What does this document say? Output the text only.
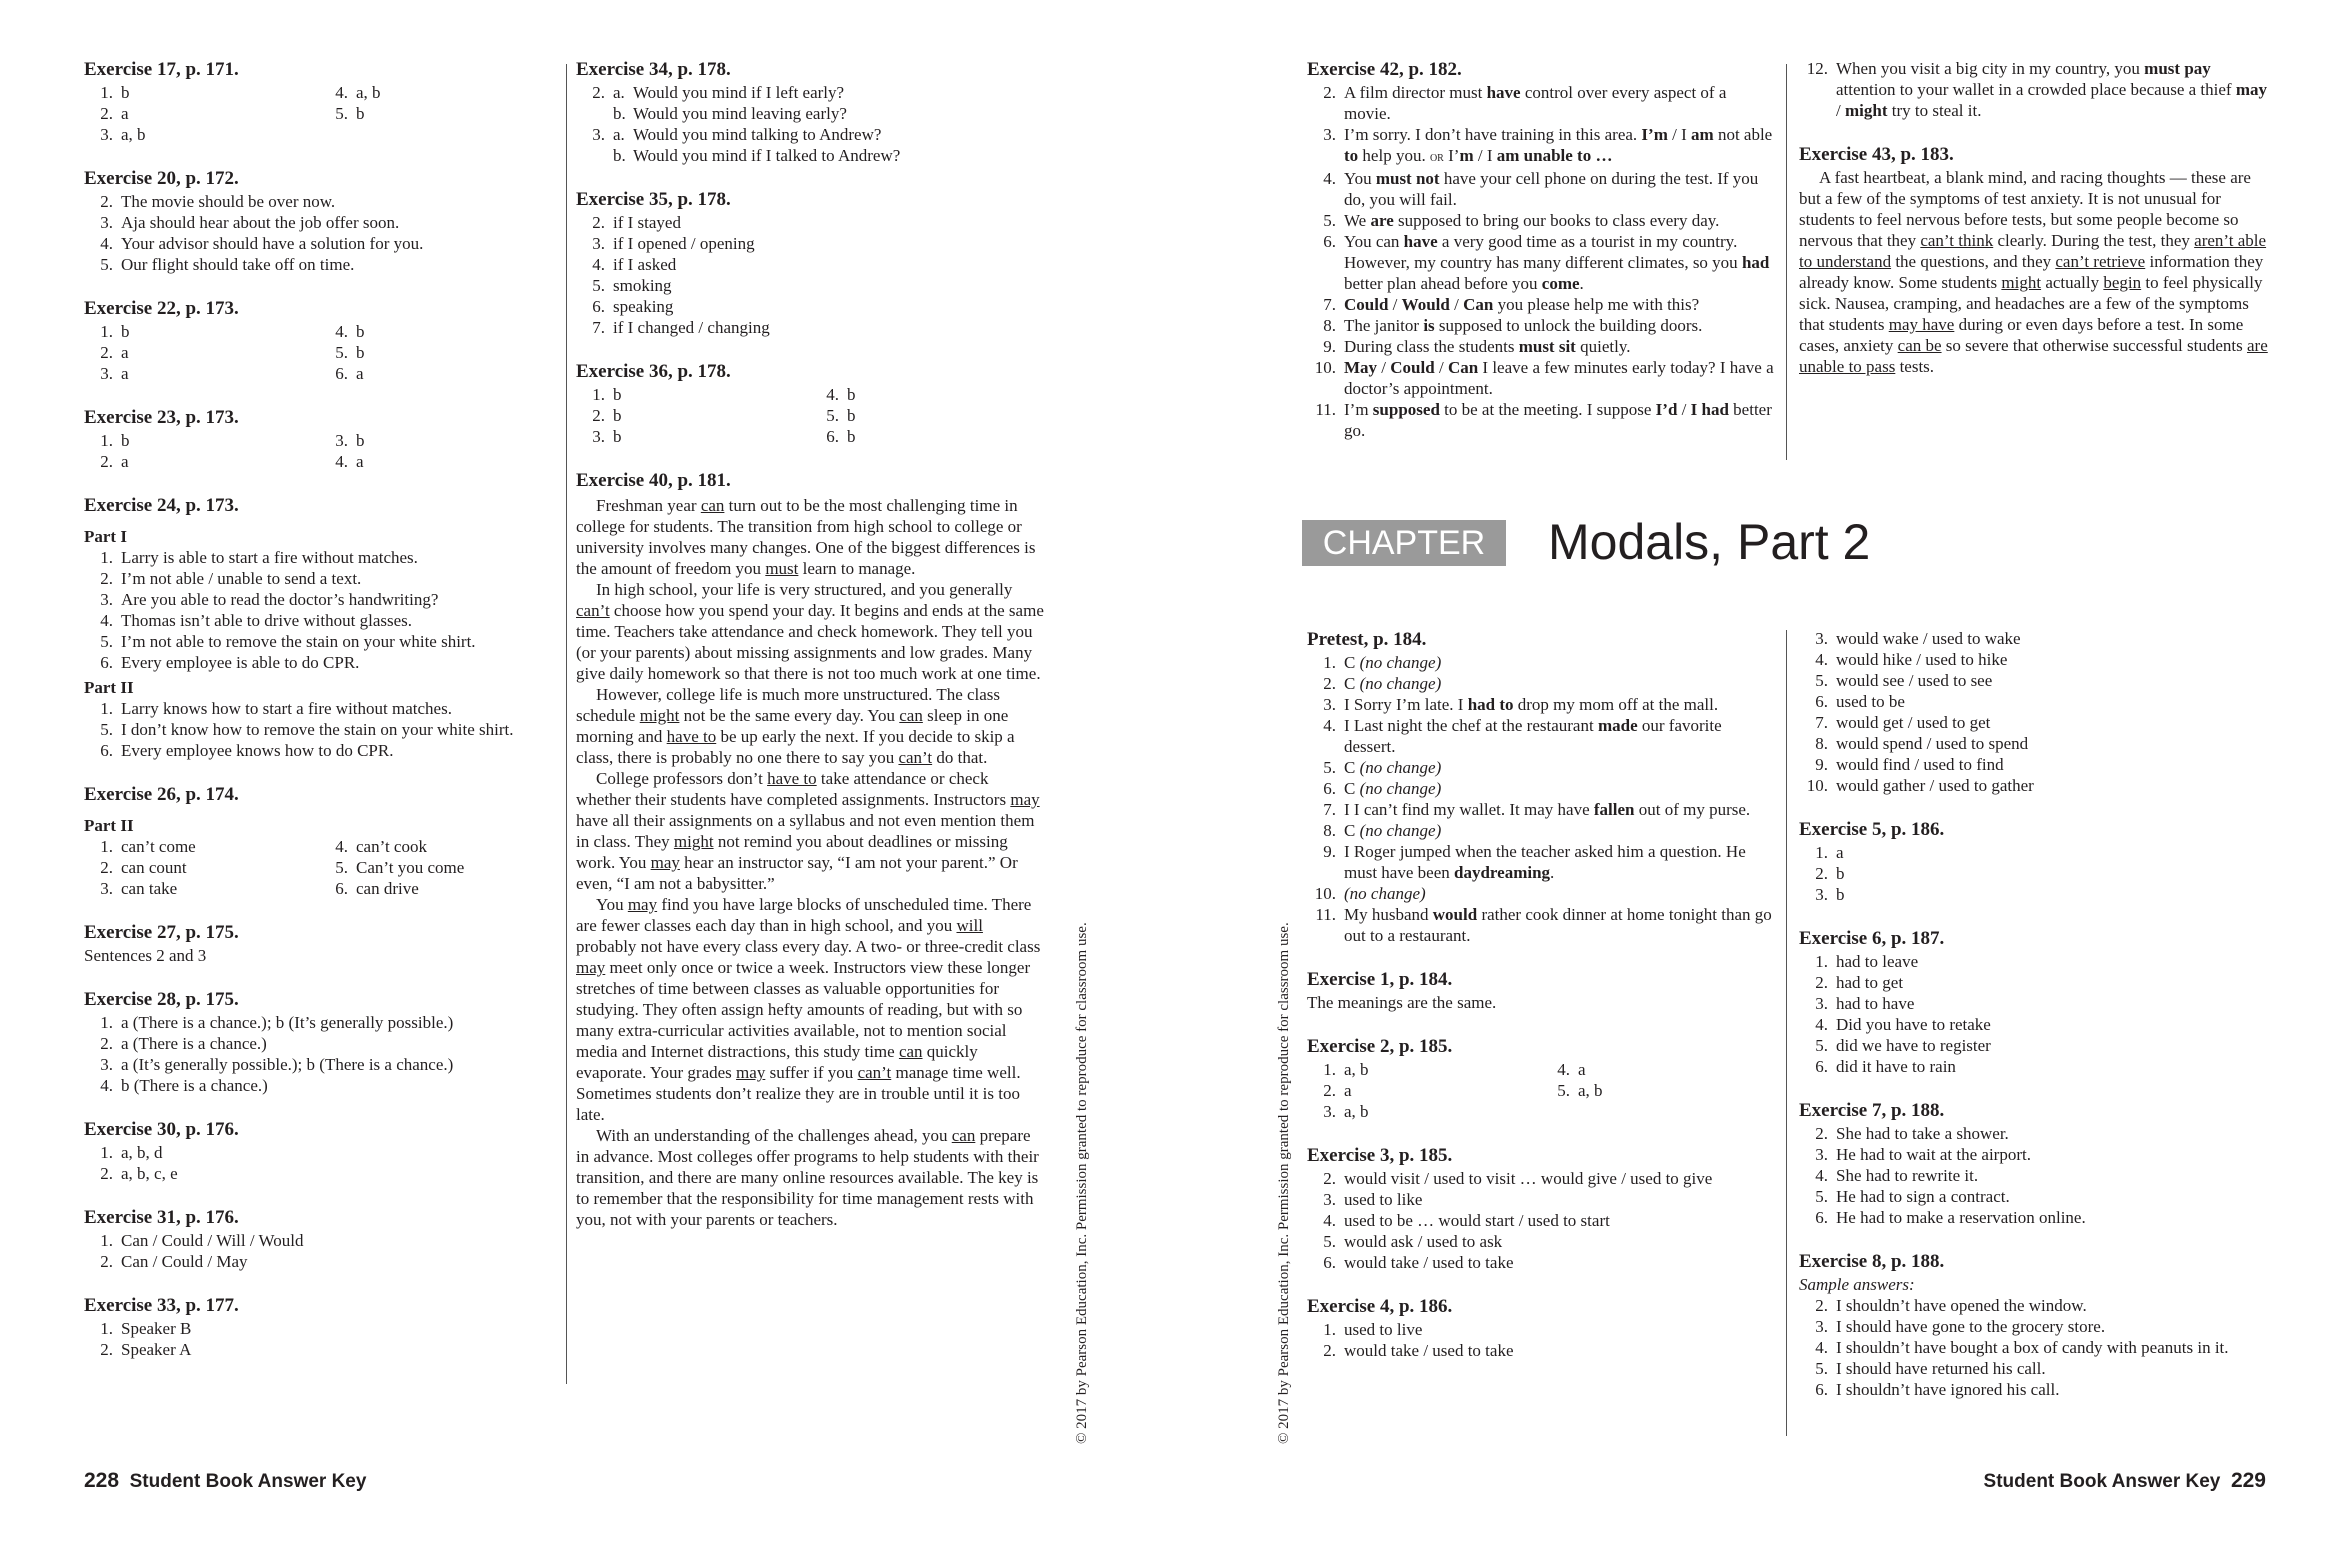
Exercise 17, p. 171.
1. b	4. a, b
2. a	5. b
3. a, b
Exercise 20, p. 172.
2. The movie should be over now.
3. Aja should hear about the job offer soon.
4. Your advisor should have a solution for you.
5. Our flight should take off on time.
Exercise 22, p. 173.
1. b	4. b
2. a	5. b
3. a	6. a
Exercise 23, p. 173.
1. b	3. b
2. a	4. a
Exercise 24, p. 173.
Part I
1. Larry is able to start a fire without matches.
2. I’m not able / unable to send a text.
3. Are you able to read the doctor’s handwriting?
4. Thomas isn’t able to drive without glasses.
5. I’m not able to remove the stain on your white shirt.
6. Every employee is able to do CPR.
Part II
1. Larry knows how to start a fire without matches.
5. I don’t know how to remove the stain on your white shirt.
6. Every employee knows how to do CPR.
Exercise 26, p. 174.
Part II
1. can’t come	4. can’t cook
2. can count	5. Can’t you come
3. can take	6. can drive
Exercise 27, p. 175.
Sentences 2 and 3
Exercise 28, p. 175.
1. a (There is a chance.); b (It’s generally possible.)
2. a (There is a chance.)
3. a (It’s generally possible.); b (There is a chance.)
4. b (There is a chance.)
Exercise 30, p. 176.
1. a, b, d
2. a, b, c, e
Exercise 31, p. 176.
1. Can / Could / Will / Would
2. Can / Could / May
Exercise 33, p. 177.
1. Speaker B
2. Speaker A
Exercise 34, p. 178.
2. a. Would you mind if I left early?
b. Would you mind leaving early?
3. a. Would you mind talking to Andrew?
b. Would you mind if I talked to Andrew?
Exercise 35, p. 178.
2. if I stayed
3. if I opened / opening
4. if I asked
5. smoking
6. speaking
7. if I changed / changing
Exercise 36, p. 178.
1. b	4. b
2. b	5. b
3. b	6. b
Exercise 40, p. 181.
Freshman year can turn out to be the most challenging time in college for students. The transition from high school to college or university involves many changes. One of the biggest differences is the amount of freedom you must learn to manage.
In high school, your life is very structured, and you generally can’t choose how you spend your day. It begins and ends at the same time. Teachers take attendance and check homework. They tell you (or your parents) about missing assignments and low grades. Many give daily homework so that there is not too much work at one time.
However, college life is much more unstructured. The class schedule might not be the same every day. You can sleep in one morning and have to be up early the next. If you decide to skip a class, there is probably no one there to say you can’t do that.
College professors don’t have to take attendance or check whether their students have completed assignments. Instructors may have all their assignments on a syllabus and not even mention them in class. They might not remind you about deadlines or missing work. You may hear an instructor say, “I am not your parent.” Or even, “I am not a babysitter.”
You may find you have large blocks of unscheduled time. There are fewer classes each day than in high school, and you will probably not have every class every day. A two- or three-credit class may meet only once or twice a week. Instructors view these longer stretches of time between classes as valuable opportunities for studying. They often assign hefty amounts of reading, but with so many extra-curricular activities available, not to mention social media and Internet distractions, this study time can quickly evaporate. Your grades may suffer if you can’t manage time well. Sometimes students don’t realize they are in trouble until it is too late.
With an understanding of the challenges ahead, you can prepare in advance. Most colleges offer programs to help students with their transition, and there are many online resources available. The key is to remember that the responsibility for time management rests with you, not with your parents or teachers.	© 2017 by Pearson Education, Inc. Permission granted to reproduce for classroom use.	© 2017 by Pearson Education, Inc. Permission granted to reproduce for classroom use.
Exercise 42, p. 182.
2. A film director must have control over every aspect of a movie.
3. I’m sorry. I don’t have training in this area. I’m / I am not able to help you. or I’m / I am unable to …
4. You must not have your cell phone on during the test. If you do, you will fail.
5. We are supposed to bring our books to class every day.
6. You can have a very good time as a tourist in my country. However, my country has many different climates, so you had better plan ahead before you come.
7. Could / Would / Can you please help me with this?
8. The janitor is supposed to unlock the building doors.
9. During class the students must sit quietly.
10. May / Could / Can I leave a few minutes early today? I have a doctor’s appointment.
11. I’m supposed to be at the meeting. I suppose I’d / I had better go.
12. When you visit a big city in my country, you must pay attention to your wallet in a crowded place because a thief may / might try to steal it.
Exercise 43, p. 183.
A fast heartbeat, a blank mind, and racing thoughts — these are but a few of the symptoms of test anxiety. It is not unusual for students to feel nervous before tests, but some people become so nervous that they can’t think clearly. During the test, they aren’t able to understand the questions, and they can’t retrieve information they already know. Some students might actually begin to feel physically sick. Nausea, cramping, and headaches are a few of the symptoms that students may have during or even days before a test. In some cases, anxiety can be so severe that otherwise successful students are unable to pass tests.
CHAPTER 10
Modals, Part 2
Pretest, p. 184.
1. C (no change)
2. C (no change)
3. I Sorry I’m late. I had to drop my mom off at the mall.
4. I Last night the chef at the restaurant made our favorite dessert.
5. C (no change)
6. C (no change)
7. I I can’t find my wallet. It may have fallen out of my purse.
8. C (no change)
9. I Roger jumped when the teacher asked him a question. He must have been daydreaming.
10. (no change)
11. My husband would rather cook dinner at home tonight than go out to a restaurant.
Exercise 1, p. 184.
The meanings are the same.
Exercise 2, p. 185.
1. a, b	4. a
2. a	5. a, b
3. a, b
Exercise 3, p. 185.
2. would visit / used to visit … would give / used to give
3. used to like
4. used to be … would start / used to start
5. would ask / used to ask
6. would take / used to take
Exercise 4, p. 186.
1. used to live
2. would take / used to take
3. would wake / used to wake
4. would hike / used to hike
5. would see / used to see
6. used to be
7. would get / used to get
8. would spend / used to spend
9. would find / used to find
10. would gather / used to gather
Exercise 5, p. 186.
1. a
2. b
3. b
Exercise 6, p. 187.
1. had to leave
2. had to get
3. had to have
4. Did you have to retake
5. did we have to register
6. did it have to rain
Exercise 7, p. 188.
2. She had to take a shower.
3. He had to wait at the airport.
4. She had to rewrite it.
5. He had to sign a contract.
6. He had to make a reservation online.
Exercise 8, p. 188.
Sample answers:
2. I shouldn’t have opened the window.
3. I should have gone to the grocery store.
4. I shouldn’t have bought a box of candy with peanuts in it.
5. I should have returned his call.
6. I shouldn’t have ignored his call.
228 Student Book Answer Key	Student Book Answer Key 229
